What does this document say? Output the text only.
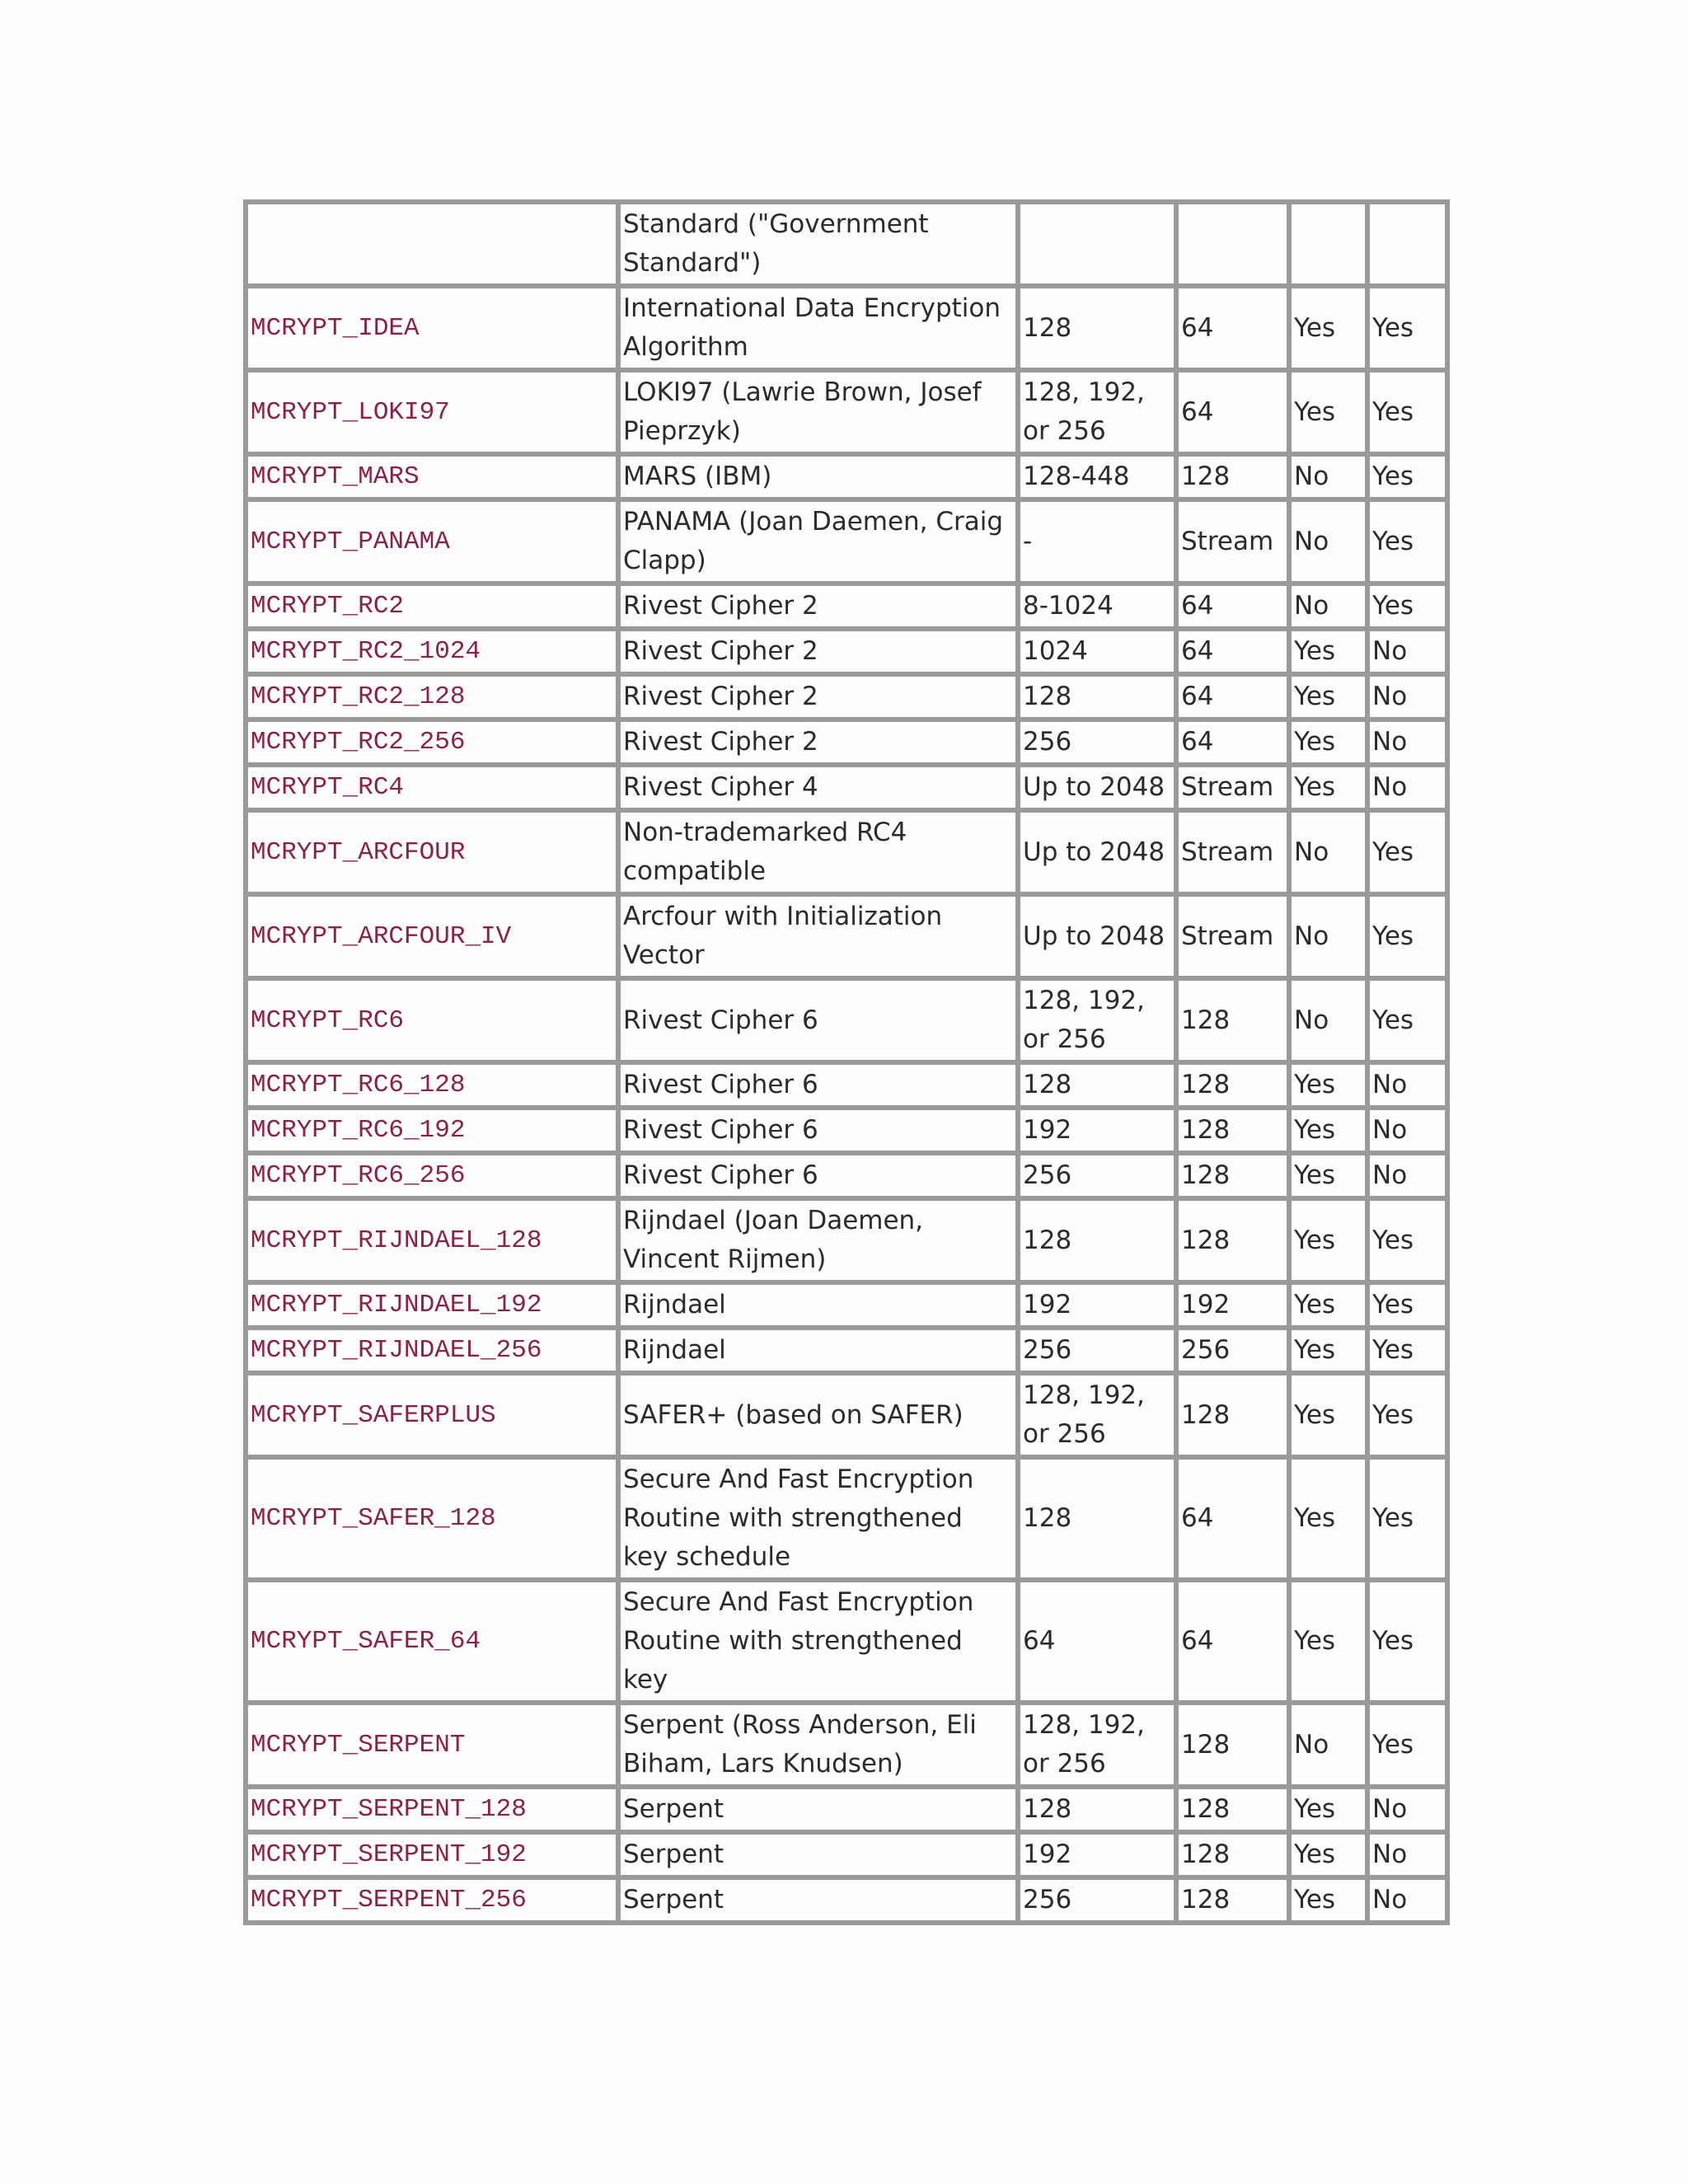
	Standard ("Government Standard")				
MCRYPT_IDEA	International Data Encryption Algorithm	128	64	Yes	Yes
MCRYPT_LOKI97	LOKI97 (Lawrie Brown, Josef Pieprzyk)	128, 192, or 256	64	Yes	Yes
MCRYPT_MARS	MARS (IBM)	128-448	128	No	Yes
MCRYPT_PANAMA	PANAMA (Joan Daemen, Craig Clapp)	-	Stream	No	Yes
MCRYPT_RC2	Rivest Cipher 2	8-1024	64	No	Yes
MCRYPT_RC2_1024	Rivest Cipher 2	1024	64	Yes	No
MCRYPT_RC2_128	Rivest Cipher 2	128	64	Yes	No
MCRYPT_RC2_256	Rivest Cipher 2	256	64	Yes	No
MCRYPT_RC4	Rivest Cipher 4	Up to 2048	Stream	Yes	No
MCRYPT_ARCFOUR	Non-trademarked RC4 compatible	Up to 2048	Stream	No	Yes
MCRYPT_ARCFOUR_IV	Arcfour with Initialization Vector	Up to 2048	Stream	No	Yes
MCRYPT_RC6	Rivest Cipher 6	128, 192, or 256	128	No	Yes
MCRYPT_RC6_128	Rivest Cipher 6	128	128	Yes	No
MCRYPT_RC6_192	Rivest Cipher 6	192	128	Yes	No
MCRYPT_RC6_256	Rivest Cipher 6	256	128	Yes	No
MCRYPT_RIJNDAEL_128	Rijndael (Joan Daemen, Vincent Rijmen)	128	128	Yes	Yes
MCRYPT_RIJNDAEL_192	Rijndael	192	192	Yes	Yes
MCRYPT_RIJNDAEL_256	Rijndael	256	256	Yes	Yes
MCRYPT_SAFERPLUS	SAFER+ (based on SAFER)	128, 192, or 256	128	Yes	Yes
MCRYPT_SAFER_128	Secure And Fast Encryption Routine with strengthened key schedule	128	64	Yes	Yes
MCRYPT_SAFER_64	Secure And Fast Encryption Routine with strengthened key	64	64	Yes	Yes
MCRYPT_SERPENT	Serpent (Ross Anderson, Eli Biham, Lars Knudsen)	128, 192, or 256	128	No	Yes
MCRYPT_SERPENT_128	Serpent	128	128	Yes	No
MCRYPT_SERPENT_192	Serpent	192	128	Yes	No
MCRYPT_SERPENT_256	Serpent	256	128	Yes	No
